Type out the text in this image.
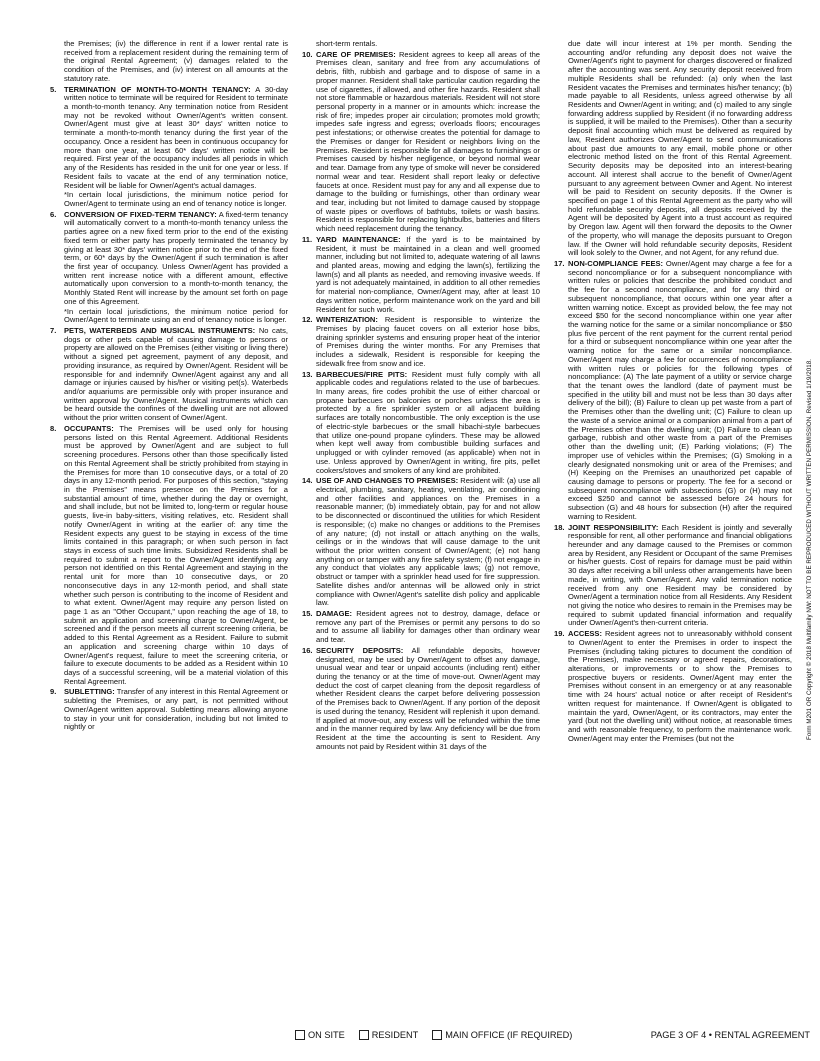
the Premises; (iv) the difference in rent if a lower rental rate is received from a replacement resident during the remaining term of the original Rental Agreement; (v) damages related to the condition of the Premises, and (iv) interest on all amounts at the statutory rate.

5. TERMINATION OF MONTH-TO-MONTH TENANCY: A 30-day written notice to terminate will be required for Resident to terminate a month-to-month tenancy. Any termination notice from Resident may not be revoked without Owner/Agent's written consent. Owner/Agent must give at least 30* days' written notice to terminate a month-to-month tenancy during the first year of the occupancy. Once a resident has been in continuous occupancy for more than one year, at least 60* days' written notice will be required. First year of the occupancy includes all periods in which any of the Residents has resided in the unit for one year or less. If Resident fails to vacate at the end of any termination notice, Resident will be liable for Owner/Agent's actual damages.

*In certain local jurisdictions, the minimum notice period for Owner/Agent to terminate using an end of tenancy notice is longer.

6. CONVERSION OF FIXED-TERM TENANCY: A fixed-term tenancy will automatically convert to a month-to-month tenancy unless the parties agree on a new fixed term prior to the end of the existing fixed term or either party has properly terminated the tenancy by giving at least 30* days' written notice prior to the end of the fixed term, or 60* days by the Owner/Agent if such termination is after the first year of occupancy. Unless Owner/Agent has provided a written rent increase notice with a different amount, effective automatically upon conversion to a month-to-month tenancy, the Monthly Stated Rent will increase by the amount set forth on page one of this Agreement.

*In certain local jurisdictions, the minimum notice period for Owner/Agent to terminate using an end of tenancy notice is longer.

7. PETS, WATERBEDS AND MUSICAL INSTRUMENTS: No cats, dogs or other pets capable of causing damage to persons or property are allowed on the Premises (either visiting or living there) without a signed pet agreement, payment of any deposit, and providing insurance, as required by Owner/Agent. Resident will be responsible for and indemnify Owner/Agent against any and all damage or injuries caused by his/her or visiting pet(s). Waterbeds and/or aquariums are permissible only with proper insurance and written approval by Owner/Agent. Musical instruments which can be heard outside the confines of the dwelling unit are not allowed without the prior written consent of Owner/Agent.

8. OCCUPANTS: The Premises will be used only for housing persons listed on this Rental Agreement. Additional Residents must be approved by Owner/Agent and are subject to full screening procedures. Persons other than those specifically listed on this Rental Agreement shall be strictly prohibited from staying in the Premises for more than 10 consecutive days, or a total of 20 days in any 12-month period. For purposes of this section, "staying in the Premises" means presence on the Premises for a substantial amount of time, whether during the day or overnight, and shall include, but not be limited to, long-term or regular house guests, live-in baby-sitters, visiting relatives, etc. Resident shall notify Owner/Agent in writing at the earlier of: any time the Resident expects any guest to be staying in excess of the time limits contained in this paragraph; or when such person in fact stays in excess of such time limits. Subsidized Residents shall be required to submit a report to the Owner/Agent identifying any person not identified on this Rental Agreement and staying in the rental unit for more than 10 consecutive days, or 20 nonconsecutive days in any 12-month period, and shall state whether such person is contributing to the income of Resident and to what extent. Owner/Agent may require any person listed on page 1 as an "Other Occupant," upon reaching the age of 18, to submit an application and screening charge to Owner/Agent, be screened and if the person meets all current screening criteria, be added to this Rental Agreement as a Resident. Failure to submit an application and screening charge within 10 days of Owner/Agent's request, failure to meet the screening criteria, or failure to execute documents to be added as a Resident within 10 days of a successful screening, will be a material violation of this Rental Agreement.

9. SUBLETTING: Transfer of any interest in this Rental Agreement or subletting the Premises, or any part, is not permitted without Owner/Agent written approval. Subletting means allowing anyone to stay in your unit for consideration, including but not limited to nightly or

short-term rentals.

10. CARE OF PREMISES: Resident agrees to keep all areas of the Premises clean, sanitary and free from any accumulations of debris, filth, rubbish and garbage and to dispose of same in a proper manner. Resident shall take particular caution regarding the use of cigarettes, if allowed, and other fire hazards. Resident shall not store flammable or hazardous materials. Resident will not store personal property in a manner or in amounts which: increase the risk of fire; impedes proper air circulation; promotes mold growth; impedes safe ingress and egress; overloads floors; encourages pest infestations; or otherwise creates the potential for damage to the Premises or danger for Resident or neighbors living on the Premises. Resident is responsible for all damages to furnishings or Premises caused by his/her negligence, or beyond normal wear and tear. Damage from any type of smoke will never be considered normal wear and tear. Resident shall report leaky or defective faucets at once. Resident must pay for any and all expense due to damage to the building or furnishings, other than ordinary wear and tear, including but not limited to damage caused by stoppage of waste pipes or overflows of bathtubs, toilets or wash basins. Resident is responsible for replacing lightbulbs, batteries and filters which need replacement during the tenancy.

11. YARD MAINTENANCE: If the yard is to be maintained by Resident, it must be maintained in a clean and well groomed manner, including but not limited to, adequate watering of all lawns and planted areas, mowing and edging the lawn(s), fertilizing the lawn(s) and all plants as needed, and removing invasive weeds. If yard is not adequately maintained, in addition to all other remedies for material non-compliance, Owner/Agent may, after at least 10 days written notice, perform maintenance work on the yard and bill Resident for such work.

12. WINTERIZATION: Resident is responsible to winterize the Premises by placing faucet covers on all exterior hose bibs, draining sprinkler systems and ensuring proper heat of the interior of Premises during the winter months. For any Premises that includes a sidewalk, Resident is responsible for keeping the sidewalk free from snow and ice.

13. BARBECUES/FIRE PITS: Resident must fully comply with all applicable codes and regulations related to the use of barbecues. In many areas, fire codes prohibit the use of either charcoal or propane barbecues on balconies or porches unless the area is protected by a fire sprinkler system or all adjacent building surfaces are totally noncombustible. The only exception is the use of electric-style barbecues or the small hibachi-style barbecues that utilize one-pound propane cylinders. These may be allowed when kept well away from combustible building surfaces and unplugged or with cylinder removed (as applicable) when not in use. Unless approved by Owner/Agent in writing, fire pits, pellet cookers/stoves and smokers of any kind are prohibited.

14. USE OF AND CHANGES TO PREMISES: Resident will: (a) use all electrical, plumbing, sanitary, heating, ventilating, air conditioning and other facilities and appliances on the Premises in a reasonable manner; (b) immediately obtain, pay for and not allow to be disconnected or discontinued the utilities for which Resident is responsible; (c) make no changes or additions to the Premises of any nature; (d) not install or attach anything on the walls, ceilings or in the windows that will cause damage to the unit without the prior written consent of Owner/Agent; (e) not hang anything on or tamper with any fire safety system; (f) not engage in any conduct that violates any applicable laws; (g) not remove, obstruct or tamper with a sprinkler head used for fire suppression. Satellite dishes and/or antennas will be allowed only in strict compliance with Owner/Agent's satellite dish policy and applicable law.

15. DAMAGE: Resident agrees not to destroy, damage, deface or remove any part of the Premises or permit any persons to do so and to assume all liability for damages other than ordinary wear and tear.

16. SECURITY DEPOSITS: All refundable deposits, however designated, may be used by Owner/Agent to offset any damage, unusual wear and tear or unpaid accounts (including rent) either during the tenancy or at the time of move-out. Owner/Agent may deduct the cost of carpet cleaning from the deposit regardless of whether Resident cleans the carpet before delivering possession of the Premises back to Owner/Agent. If any portion of the deposit is used during the tenancy, Resident will replenish it upon demand. If applied at move-out, any excess will be refunded within the time and in the manner required by law. Any deficiency will be due from Resident at the time the accounting is sent to Resident. Any amounts not paid by Resident within 31 days of the

due date will incur interest at 1% per month. Sending the accounting and/or refunding any deposit does not waive the Owner/Agent's right to payment for charges discovered or finalized after the accounting was sent. Any security deposit received from multiple Residents shall be refunded: (a) only when the last Resident vacates the Premises and terminates his/her tenancy; (b) made payable to all Residents, unless agreed otherwise by all Residents and Owner/Agent in writing; and (c) mailed to any single forwarding address supplied by Resident (if no forwarding address is supplied, it will be mailed to the Premises). Other than a security deposit final accounting which must be delivered as required by law, Resident authorizes Owner/Agent to send communications about past due amounts to any email, mobile phone or other electronic method listed on the front of this Rental Agreement. Security deposits may be deposited into an interest-bearing account. All interest shall accrue to the benefit of Owner/Agent pursuant to any agreement between Owner and Agent. No interest will be paid to Resident on security deposits. If the Owner is specified on page 1 of this Rental Agreement as the party who will hold refundable security deposits, all deposits received by the Agent will be deposited by Agent into a trust account as required by Oregon law. Agent will then forward the deposits to the Owner of the property, who will manage the deposits pursuant to Oregon law. If the Owner will hold refundable security deposits, Resident will look solely to the Owner, and not Agent, for any refund due.

17. NON-COMPLIANCE FEES: Owner/Agent may charge a fee for a second noncompliance or for a subsequent noncompliance with written rules or policies that describe the prohibited conduct and the fee for a second noncompliance, and for any third or subsequent noncompliance, that occurs within one year after a written warning notice. Except as provided below, the fee may not exceed $50 for the second noncompliance within one year after the warning notice for the same or a similar noncompliance or $50 plus five percent of the rent payment for the current rental period for a third or subsequent noncompliance within one year after the warning notice for the same or a similar noncompliance. Owner/Agent may charge a fee for occurrences of noncompliance with written rules or policies for the following types of noncompliance: (A) The late payment of a utility or service charge that the tenant owes the landlord (date of payment must be specified in the utility bill and must not be less than 30 days after delivery of the bill); (B) Failure to clean up pet waste from a part of the Premises other than the dwelling unit; (C) Failure to clean up the waste of a service animal or a companion animal from a part of the Premises other than the dwelling unit; (D) Failure to clean up garbage, rubbish and other waste from a part of the Premises other than the dwelling unit; (E) Parking violations; (F) The improper use of vehicles within the Premises; (G) Smoking in a clearly designated nonsmoking unit or area of the Premises; and (H) Keeping on the Premises an unauthorized pet capable of causing damage to persons or property. The fee for a second or subsequent noncompliance with subsections (G) or (H) may not exceed $250 and cannot be assessed before 24 hours for subsection (G) and 48 hours for subsection (H) after the required warning to Resident.

18. JOINT RESPONSIBILITY: Each Resident is jointly and severally responsible for rent, all other performance and financial obligations hereunder and any damage caused to the Premises or common area by Resident, any Resident or Occupant of the same Premises or his/her guests. Cost of repairs for damage must be paid within 30 days after receiving a bill unless other arrangements have been made, in writing, with Owner/Agent. Any valid termination notice received from any one Resident may be considered by Owner/Agent a termination notice from all Residents. Any Resident not giving the notice who desires to remain in the Premises may be required to submit updated financial information and requalify under Owner/Agent's then-current criteria.

19. ACCESS: Resident agrees not to unreasonably withhold consent to Owner/Agent to enter the Premises in order to inspect the Premises (including taking pictures to document the condition of the Premises), make necessary or agreed repairs, decorations, alterations, or improvements or to show the Premises to prospective buyers or residents. Owner/Agent may enter the Premises without consent in an emergency or at any reasonable time with 24 hours' actual notice or after receipt of Resident's written request for maintenance. If Owner/Agent is obligated to maintain the yard, Owner/Agent, or its contractors, may enter the yard (but not the dwelling unit) without notice, at reasonable times and with reasonable frequency, to perform the maintenance work. Owner/Agent may enter the Premises (but not the	Form M201 OR Copyright © 2018 Multifamily NW: NOT TO BE REPRODUCED WITHOUT WRITTEN PERMISSION. Revised 1/19/2018.
ON SITE	RESIDENT	MAIN OFFICE (IF REQUIRED)	PAGE 3 OF 4 • RENTAL AGREEMENT
